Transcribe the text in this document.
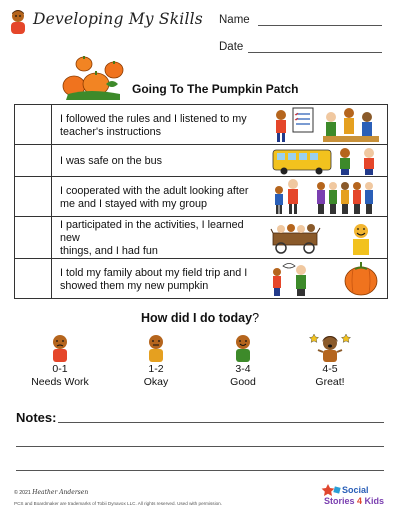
Developing My Skills Name
Date
Going To The Pumpkin Patch
	I followed the rules and I listened to my
teacher's instructions	

	I was safe on the bus	

	I cooperated with the adult looking after
me and I stayed with my group	

	I participated in the activities, I learned new
things, and I had fun	

	I told my family about my field trip and I
showed them my new pumpkin	
How did I do today?
0-1
Needs Work
1-2
Okay
3-4
Good
4-5
Great!
Notes:
© 2021 Heather Andersen
PCS and Boardmaker are trademarks of Tobii Dynavox LLC. All rights reserved. Used with permission.
Social
Stories 4 Kids
